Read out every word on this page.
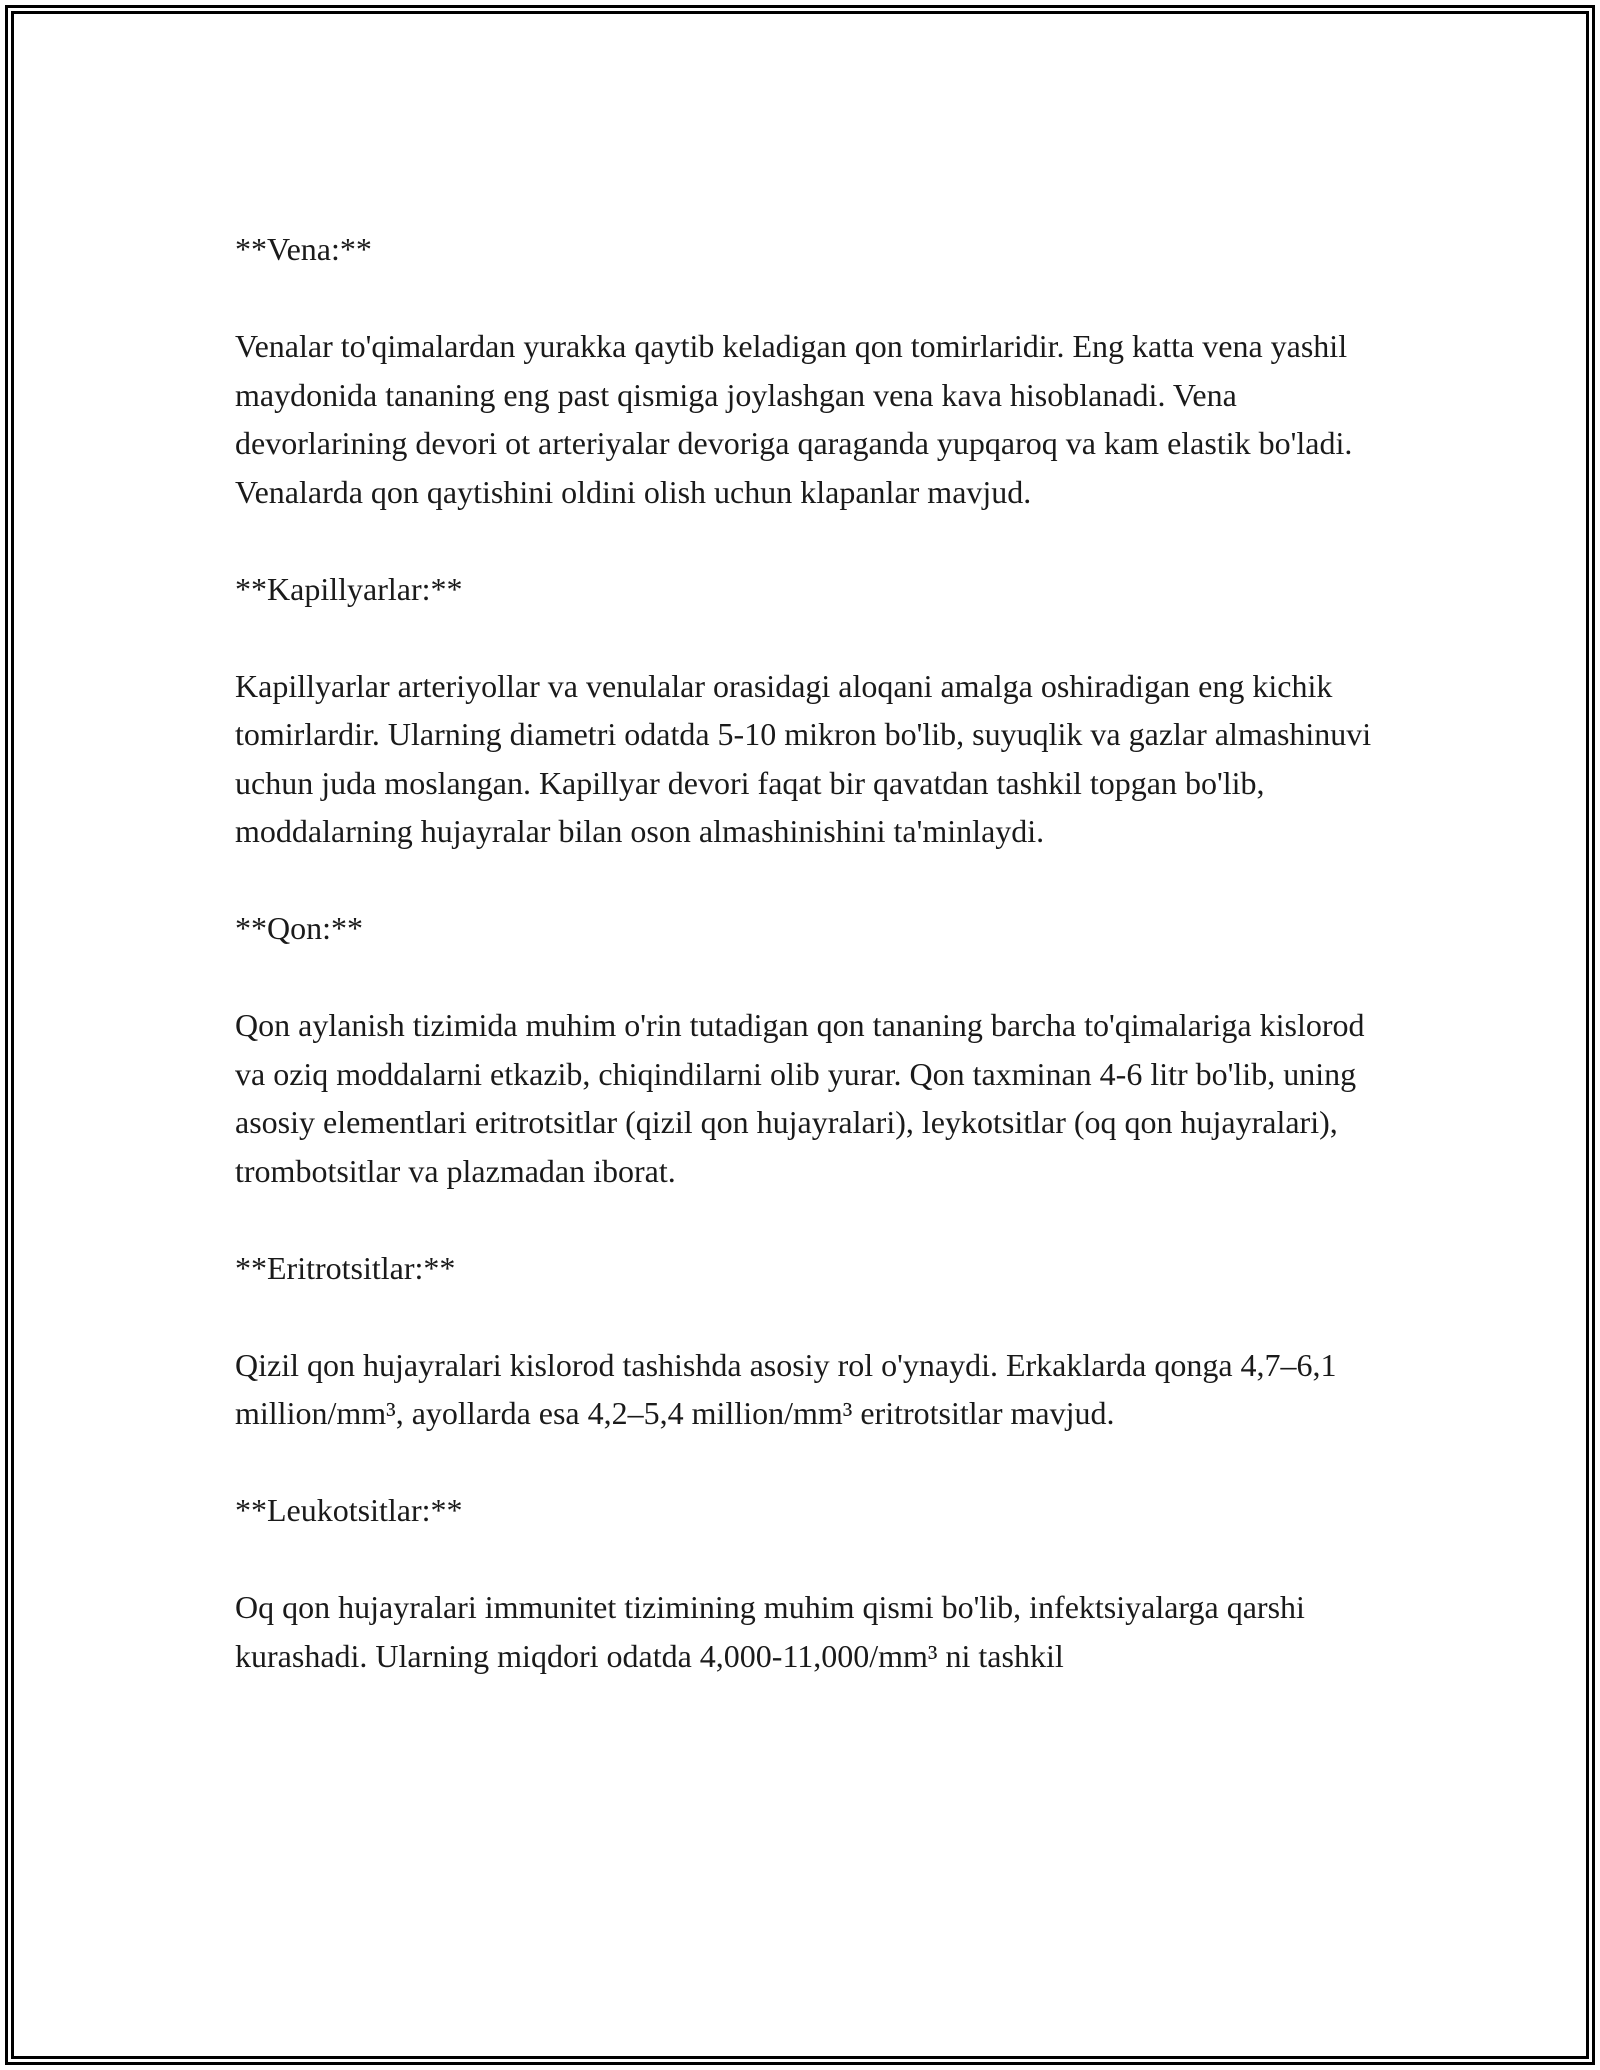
**Vena:**

Venalar to'qimalardan yurakka qaytib keladigan qon tomirlaridir. Eng katta vena yashil maydonida tananing eng past qismiga joylashgan vena kava hisoblanadi. Vena devorlarining devori ot arteriyalar devoriga qaraganda yupqaroq va kam elastik bo'ladi. Venalarda qon qaytishini oldini olish uchun klapanlar mavjud.

**Kapillyarlar:**

Kapillyarlar arteriyollar va venulalar orasidagi aloqani amalga oshiradigan eng kichik tomirlardir. Ularning diametri odatda 5-10 mikron bo'lib, suyuqlik va gazlar almashinuvi uchun juda moslangan. Kapillyar devori faqat bir qavatdan tashkil topgan bo'lib, moddalarning hujayralar bilan oson almashinishini ta'minlaydi.

**Qon:**

Qon aylanish tizimida muhim o'rin tutadigan qon tananing barcha to'qimalariga kislorod va oziq moddalarni etkazib, chiqindilarni olib yurar. Qon taxminan 4-6 litr bo'lib, uning asosiy elementlari eritrotsitlar (qizil qon hujayralari), leykotsitlar (oq qon hujayralari), trombotsitlar va plazmadan iborat.

**Eritrotsitlar:**

Qizil qon hujayralari kislorod tashishda asosiy rol o'ynaydi. Erkaklarda qonga 4,7–6,1 million/mm³, ayollarda esa 4,2–5,4 million/mm³ eritrotsitlar mavjud.

**Leukotsitlar:**

Oq qon hujayralari immunitet tizimining muhim qismi bo'lib, infektsiyalarga qarshi kurashadi. Ularning miqdori odatda 4,000-11,000/mm³ ni tashkil
